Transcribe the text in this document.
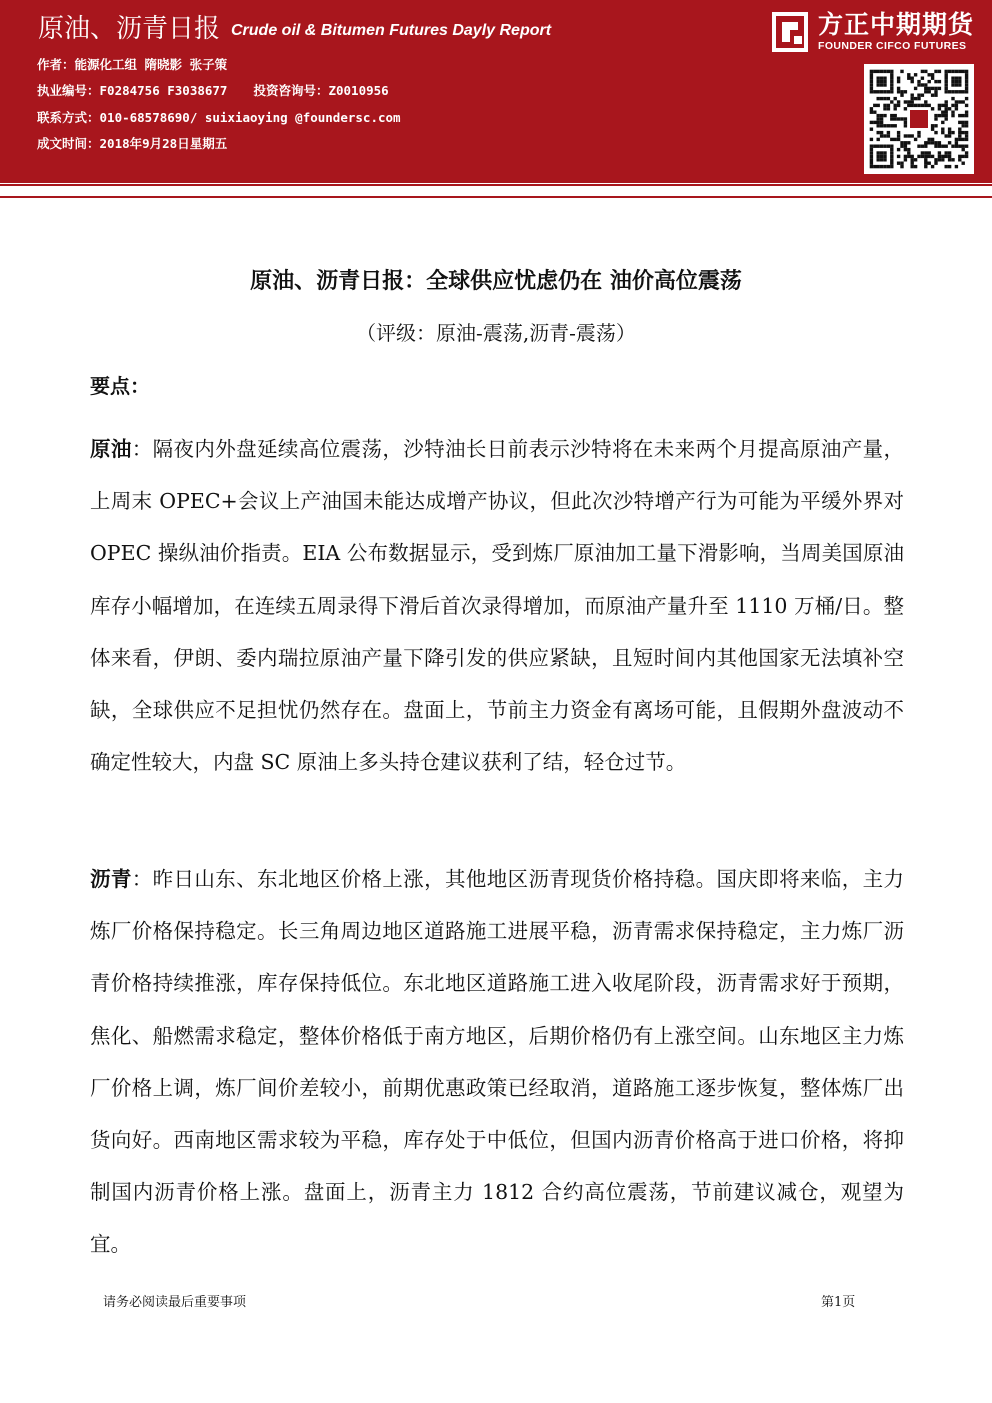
原油、沥青日报 Crude oil & Bitumen Futures Dayly Report
作者：能源化工组 隋晓影 张子策
执业编号：F0284756 F3038677 投资咨询号：Z0010956
联系方式：010-68578690/ suixiaoying @foundersc.com
成文时间：2018年9月28日星期五
方正中期期货
FOUNDER CIFCO FUTURES
原油、沥青日报：全球供应忧虑仍在 油价高位震荡
（评级：原油-震荡,沥青-震荡）
要点：

原油：隔夜内外盘延续高位震荡，沙特油长日前表示沙特将在未来两个月提高原油产量，上周末 OPEC+会议上产油国未能达成增产协议，但此次沙特增产行为可能为平缓外界对 OPEC 操纵油价指责。EIA 公布数据显示，受到炼厂原油加工量下滑影响，当周美国原油库存小幅增加，在连续五周录得下滑后首次录得增加，而原油产量升至 1110 万桶/日。整体来看，伊朗、委内瑞拉原油产量下降引发的供应紧缺，且短时间内其他国家无法填补空缺，全球供应不足担忧仍然存在。盘面上，节前主力资金有离场可能，且假期外盘波动不确定性较大，内盘 SC 原油上多头持仓建议获利了结，轻仓过节。

沥青：昨日山东、东北地区价格上涨，其他地区沥青现货价格持稳。国庆即将来临，主力炼厂价格保持稳定。长三角周边地区道路施工进展平稳，沥青需求保持稳定，主力炼厂沥青价格持续推涨，库存保持低位。东北地区道路施工进入收尾阶段，沥青需求好于预期，焦化、船燃需求稳定，整体价格低于南方地区，后期价格仍有上涨空间。山东地区主力炼厂价格上调，炼厂间价差较小，前期优惠政策已经取消，道路施工逐步恢复，整体炼厂出货向好。西南地区需求较为平稳，库存处于中低位，但国内沥青价格高于进口价格，将抑制国内沥青价格上涨。盘面上，沥青主力 1812 合约高位震荡，节前建议减仓，观望为宜。

请务必阅读最后重要事项	第1页
